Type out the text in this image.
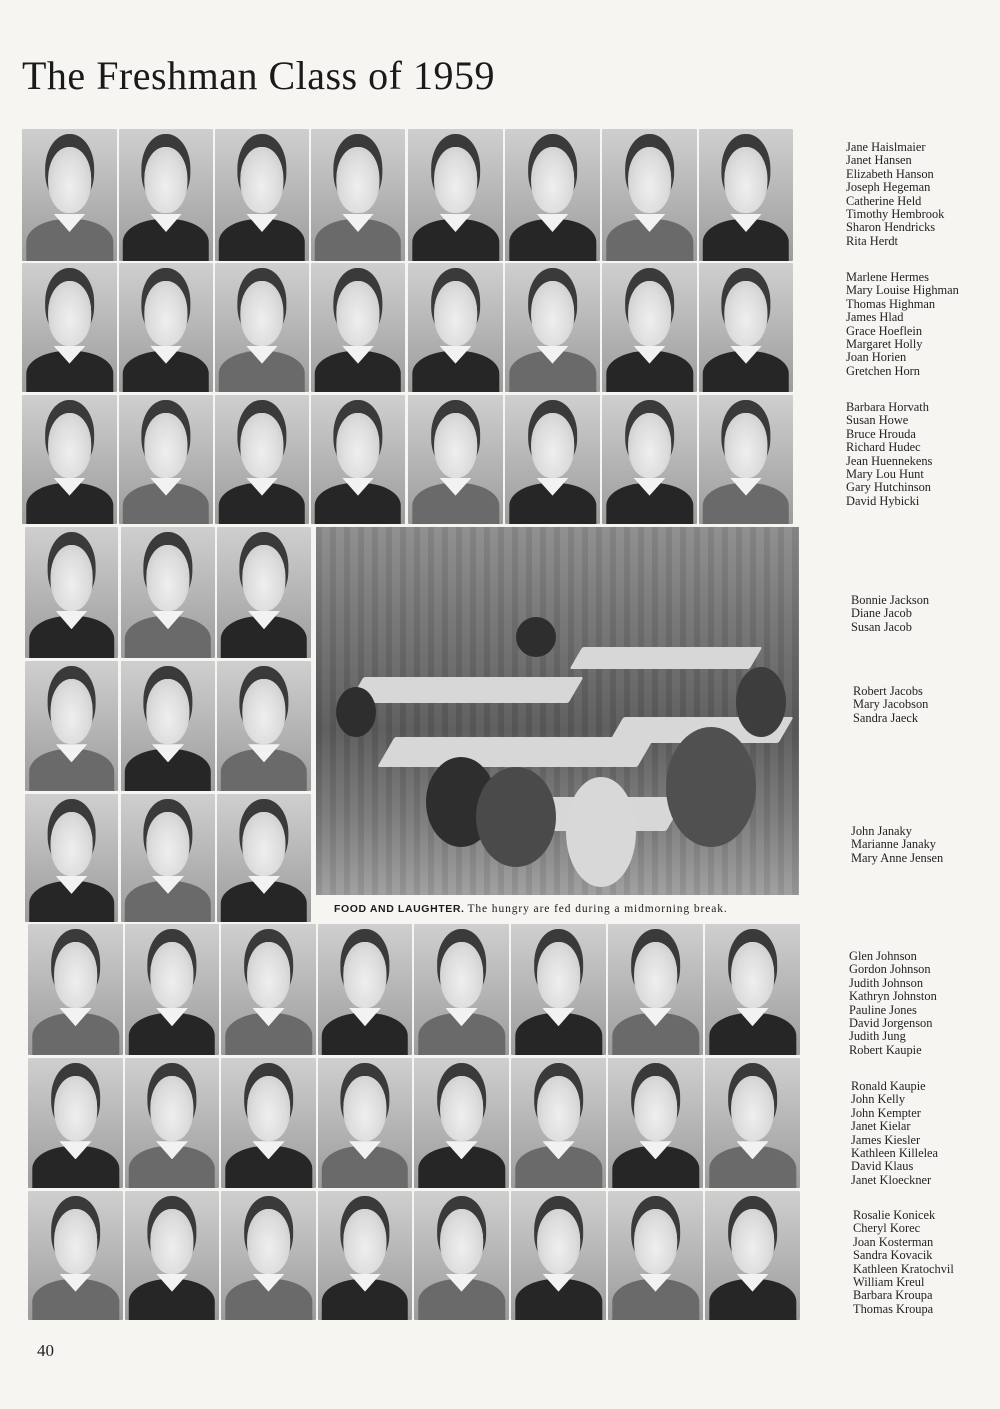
The Freshman Class of 1959
FOOD AND LAUGHTER. The hungry are fed during a midmorning break.
Jane Haislmaier
Janet Hansen
Elizabeth Hanson
Joseph Hegeman
Catherine Held
Timothy Hembrook
Sharon Hendricks
Rita Herdt
Marlene Hermes
Mary Louise Highman
Thomas Highman
James Hlad
Grace Hoeflein
Margaret Holly
Joan Horien
Gretchen Horn
Barbara Horvath
Susan Howe
Bruce Hrouda
Richard Hudec
Jean Huennekens
Mary Lou Hunt
Gary Hutchinson
David Hybicki
Bonnie Jackson
Diane Jacob
Susan Jacob
Robert Jacobs
Mary Jacobson
Sandra Jaeck
John Janaky
Marianne Janaky
Mary Anne Jensen
Glen Johnson
Gordon Johnson
Judith Johnson
Kathryn Johnston
Pauline Jones
David Jorgenson
Judith Jung
Robert Kaupie
Ronald Kaupie
John Kelly
John Kempter
Janet Kielar
James Kiesler
Kathleen Killelea
David Klaus
Janet Kloeckner
Rosalie Konicek
Cheryl Korec
Joan Kosterman
Sandra Kovacik
Kathleen Kratochvil
William Kreul
Barbara Kroupa
Thomas Kroupa
40
